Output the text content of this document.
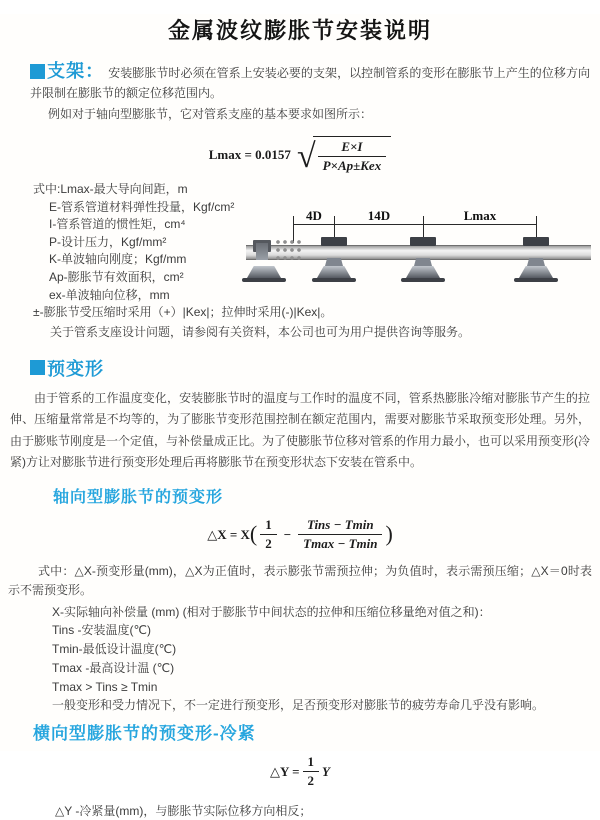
金属波纹膨胀节安装说明

支架： 安装膨胀节时必须在管系上安装必要的支架，以控制管系的变形在膨胀节上产生的位移方向并限制在膨胀节的额定位移范围内。

例如对于轴向型膨胀节，它对管系支座的基本要求如图所示：

Lmax = 0.0157 √ $\frac{E\times I}{\text{P×Ap±Kex}}$
式中:Lmax-最大导向间距，m
E-管系管道材料弹性投量，Kgf/cm²
I-管系管道的惯性矩，cm⁴
P-设计压力，Kgf/mm²
K-单波轴向刚度；Kgf/mm
Ap-膨胀节有效面积，cm²
ex-单波轴向位移，mm
±-膨胀节受压缩时采用（+）|Kex|；拉伸时采用(-)|Kex|。
关于管系支座设计问题，请参阅有关资料，本公司也可为用户提供咨询等服务。
4D	14D	Lmax
预变形

由于管系的工作温度变化，安装膨胀节时的温度与工作时的温度不同，管系热膨胀冷缩对膨胀节产生的拉伸、压缩量常常是不均等的，为了膨胀节变形范围控制在额定范围内，需要对膨胀节采取预变形处理。另外，由于膨账节刚度是一个定值，与补偿量成正比。为了使膨胀节位移对管系的作用力最小，也可以采用预变形(冷紧)方让对膨胀节进行预变形处理后再将膨胀节在预变形状态下安装在管系中。

轴向型膨胀节的预变形
△X = X ( $\frac{1}{2} - \frac{\text{Tins − Tmin}}{Tmax - Tmin}$ )

式中：△X-预变形量(mm)，△X为正值时，表示膨张节需预拉伸；为负值时，表示需预压缩；△X＝0时表示不需预变形。

X-实际轴向补偿量 (mm) (相对于膨胀节中间状态的拉伸和压缩位移量绝对值之和)：
Tins -安装温度(℃)
Tmin-最低设计温度(℃)
Tmax -最高设计温 (℃)
Tmax > Tins ≥ Tmin
一般变形和受力情况下，不一定进行预变形，足否预变形对膨胀节的疲劳寿命几乎没有影响。
横向型膨胀节的预变形-冷紧
△Y = $\frac{1}{2}$ Y
△Y -冷紧量(mm)，与膨胀节实际位移方向相反；
